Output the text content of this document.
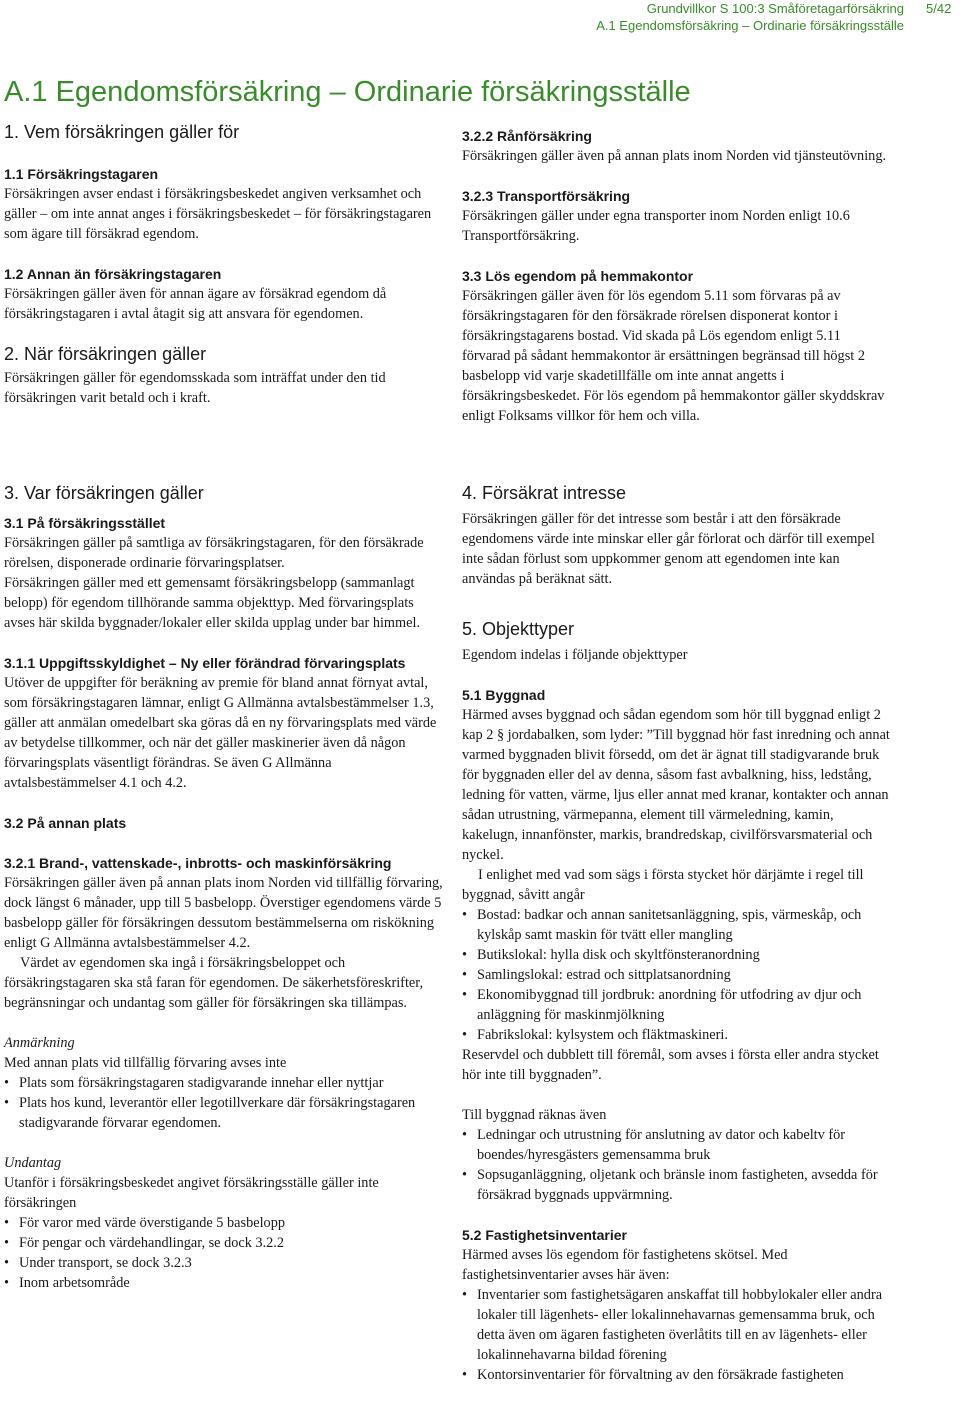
Grundvillkor S 100:3 Småföretagarförsäkring
A.1 Egendomsförsäkring – Ordinarie försäkringsställe
5/42
A.1 Egendomsförsäkring – Ordinarie försäkringsställe
1. Vem försäkringen gäller för
1.1 Försäkringstagaren

Försäkringen avser endast i försäkringsbeskedet angiven verksamhet och gäller – om inte annat anges i försäkringsbeskedet – för försäkringstagaren som ägare till försäkrad egendom.

1.2 Annan än försäkringstagaren

Försäkringen gäller även för annan ägare av försäkrad egendom då försäkringstagaren i avtal åtagit sig att ansvara för egendomen.

2. När försäkringen gäller

Försäkringen gäller för egendomsskada som inträffat under den tid försäkringen varit betald och i kraft.

3.2.2 Rånförsäkring

Försäkringen gäller även på annan plats inom Norden vid tjänsteutövning.

3.2.3 Transportförsäkring

Försäkringen gäller under egna transporter inom Norden enligt 10.6 Transportförsäkring.

3.3 Lös egendom på hemmakontor

Försäkringen gäller även för lös egendom 5.11 som förvaras på av försäkringstagaren för den försäkrade rörelsen disponerat kontor i försäkringstagarens bostad. Vid skada på Lös egendom enligt 5.11 förvarad på sådant hemmakontor är ersättningen begränsad till högst 2 basbelopp vid varje skadetillfälle om inte annat angetts i försäkringsbeskedet. För lös egendom på hemmakontor gäller skyddskrav enligt Folksams villkor för hem och villa.

3. Var försäkringen gäller
3.1 På försäkringsstället

Försäkringen gäller på samtliga av försäkringstagaren, för den försäkrade rörelsen, disponerade ordinarie förvaringsplatser.

Försäkringen gäller med ett gemensamt försäkringsbelopp (sammanlagt belopp) för egendom tillhörande samma objekttyp. Med förvaringsplats avses här skilda byggnader/lokaler eller skilda upplag under bar himmel.

3.1.1 Uppgiftsskyldighet – Ny eller förändrad förvaringsplats

Utöver de uppgifter för beräkning av premie för bland annat förnyat avtal, som försäkringstagaren lämnar, enligt G Allmänna avtalsbestämmelser 1.3, gäller att anmälan omedelbart ska göras då en ny förvaringsplats med värde av betydelse tillkommer, och när det gäller maskinerier även då någon förvaringsplats väsentligt förändras. Se även G Allmänna avtalsbestämmelser 4.1 och 4.2.

3.2 På annan plats
3.2.1 Brand-, vattenskade-, inbrotts- och maskinförsäkring

Försäkringen gäller även på annan plats inom Norden vid tillfällig förvaring, dock längst 6 månader, upp till 5 basbelopp. Överstiger egendomens värde 5 basbelopp gäller för försäkringen dessutom bestämmelserna om riskökning enligt G Allmänna avtalsbestämmelser 4.2.

Värdet av egendomen ska ingå i försäkringsbeloppet och försäkringstagaren ska stå faran för egendomen. De säkerhetsföreskrifter, begränsningar och undantag som gäller för försäkringen ska tillämpas.

Anmärkning

Med annan plats vid tillfällig förvaring avses inte

• Plats som försäkringstagaren stadigvarande innehar eller nyttjar
• Plats hos kund, leverantör eller legotillverkare där försäkringstagaren stadigvarande förvarar egendomen.

Undantag

Utanför i försäkringsbeskedet angivet försäkringsställe gäller inte försäkringen

• För varor med värde överstigande 5 basbelopp
• För pengar och värdehandlingar, se dock 3.2.2
• Under transport, se dock 3.2.3
• Inom arbetsområde
4. Försäkrat intresse

Försäkringen gäller för det intresse som består i att den försäkrade egendomens värde inte minskar eller går förlorat och därför till exempel inte sådan förlust som uppkommer genom att egendomen inte kan användas på beräknat sätt.

5. Objekttyper

Egendom indelas i följande objekttyper

5.1 Byggnad

Härmed avses byggnad och sådan egendom som hör till byggnad enligt 2 kap 2 § jordabalken, som lyder: ”Till byggnad hör fast inredning och annat varmed byggnaden blivit försedd, om det är ägnat till stadigvarande bruk för byggnaden eller del av denna, såsom fast avbalkning, hiss, ledstång, ledning för vatten, värme, ljus eller annat med kranar, kontakter och annan sådan utrustning, värmepanna, element till värmeledning, kamin, kakelugn, innanfönster, markis, brandredskap, civilförsvarsmaterial och nyckel.

I enlighet med vad som sägs i första stycket hör därjämte i regel till byggnad, såvitt angår

• Bostad: badkar och annan sanitetsanläggning, spis, värmeskåp, och kylskåp samt maskin för tvätt eller mangling
• Butikslokal: hylla disk och skyltfönsteranordning
• Samlingslokal: estrad och sittplatsanordning
• Ekonomibyggnad till jordbruk: anordning för utfodring av djur och anläggning för maskinmjölkning
• Fabrikslokal: kylsystem och fläktmaskineri.

Reservdel och dubblett till föremål, som avses i första eller andra stycket hör inte till byggnaden”.

Till byggnad räknas även

• Ledningar och utrustning för anslutning av dator och kabeltv för boendes/hyresgästers gemensamma bruk
• Sopsuganläggning, oljetank och bränsle inom fastigheten, avsedda för försäkrad byggnads uppvärmning.
5.2 Fastighetsinventarier

Härmed avses lös egendom för fastighetens skötsel. Med fastighetsinventarier avses här även:

• Inventarier som fastighetsägaren anskaffat till hobbylokaler eller andra lokaler till lägenhets- eller lokalinnehavarnas gemensamma bruk, och detta även om ägaren fastigheten överlåtits till en av lägenhets- eller lokalinnehavarna bildad förening
• Kontorsinventarier för förvaltning av den försäkrade fastigheten
